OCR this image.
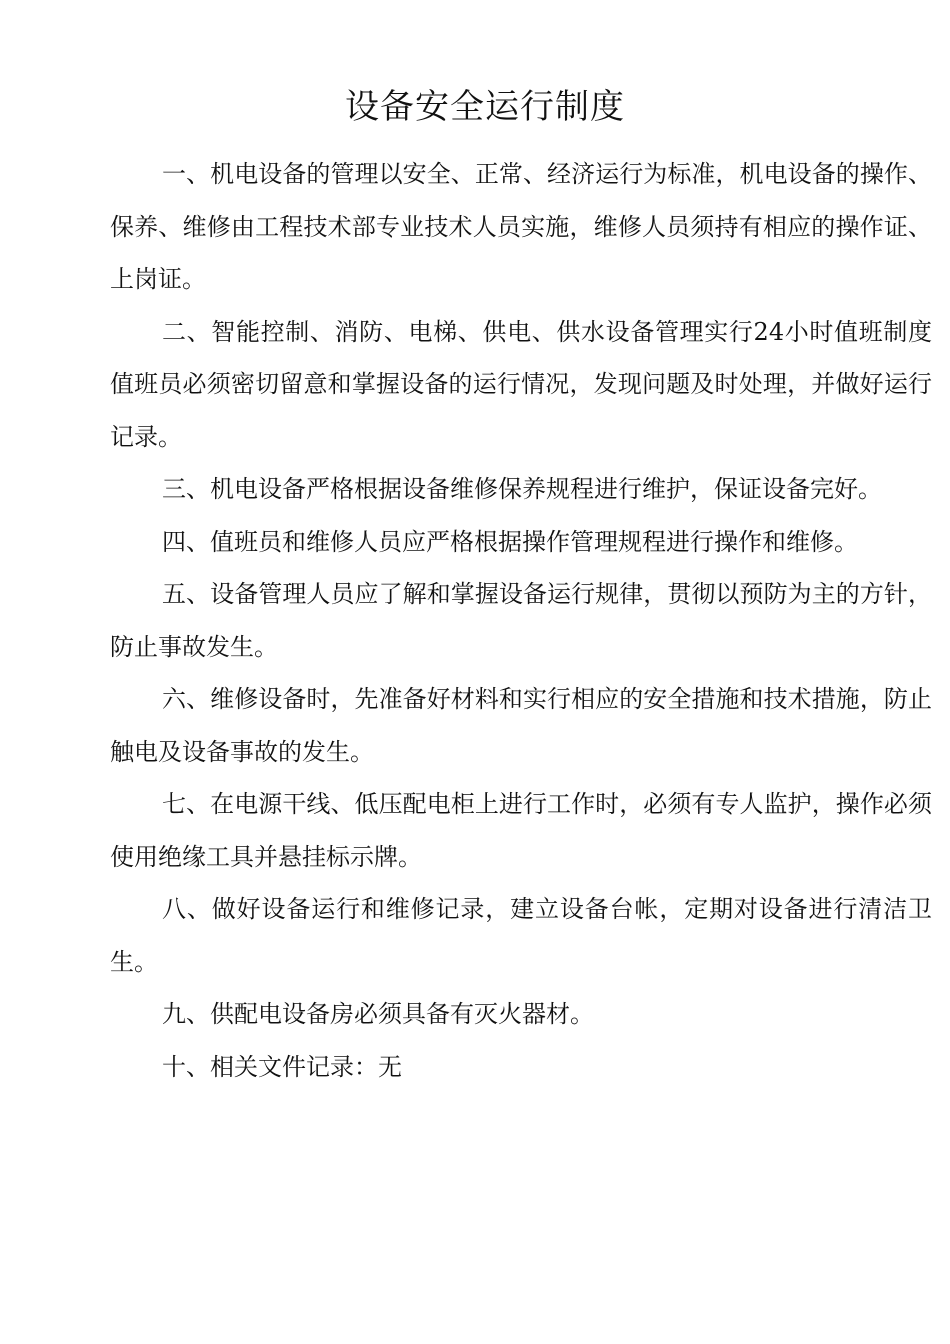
设备安全运行制度

一、机电设备的管理以安全、正常、经济运行为标准，机电设备的操作、保养、维修由工程技术部专业技术人员实施，维修人员须持有相应的操作证、上岗证。

二、智能控制、消防、电梯、供电、供水设备管理实行24小时值班制度值班员必须密切留意和掌握设备的运行情况，发现问题及时处理，并做好运行记录。

三、机电设备严格根据设备维修保养规程进行维护，保证设备完好。

四、值班员和维修人员应严格根据操作管理规程进行操作和维修。

五、设备管理人员应了解和掌握设备运行规律，贯彻以预防为主的方针，防止事故发生。

六、维修设备时，先准备好材料和实行相应的安全措施和技术措施，防止触电及设备事故的发生。

七、在电源干线、低压配电柜上进行工作时，必须有专人监护，操作必须使用绝缘工具并悬挂标示牌。

八、做好设备运行和维修记录，建立设备台帐，定期对设备进行清洁卫生。

九、供配电设备房必须具备有灭火器材。

十、相关文件记录：无
